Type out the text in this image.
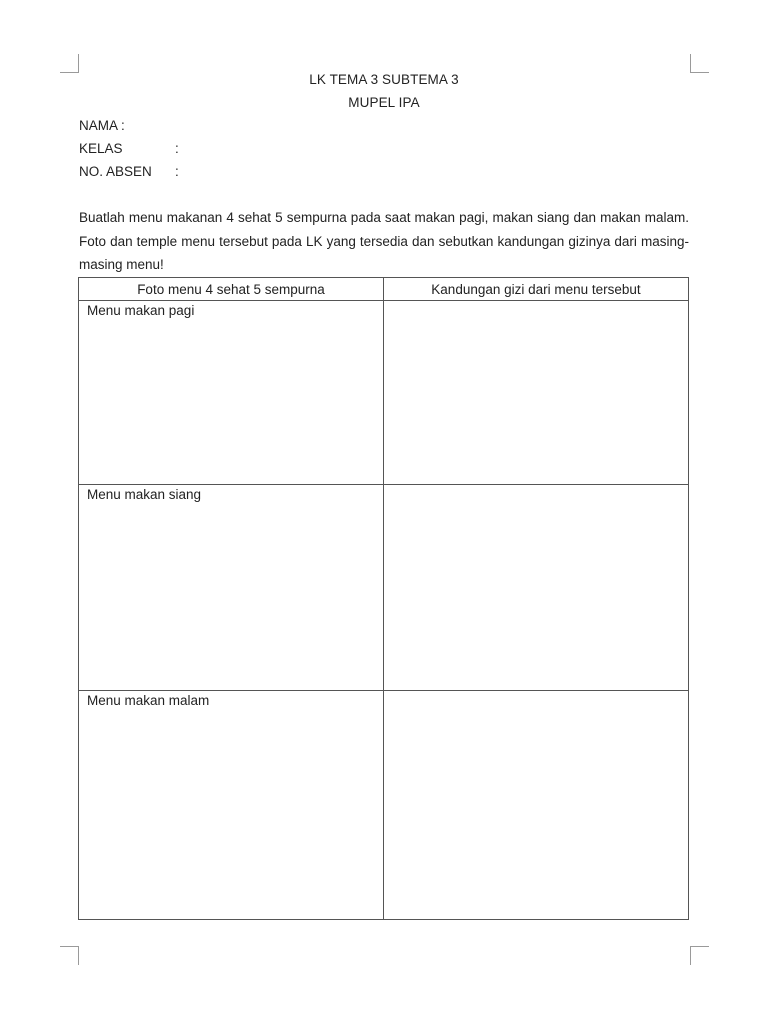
LK TEMA 3 SUBTEMA 3
MUPEL IPA
NAMA :
KELAS	:
NO. ABSEN :
Buatlah menu makanan 4 sehat 5 sempurna pada saat makan pagi, makan siang dan makan malam. Foto dan temple menu tersebut pada LK yang tersedia dan sebutkan kandungan gizinya dari masing-masing menu!
Foto menu 4 sehat 5 sempurna	Kandungan gizi dari menu tersebut
Menu makan pagi	
Menu makan siang	
Menu makan malam	
